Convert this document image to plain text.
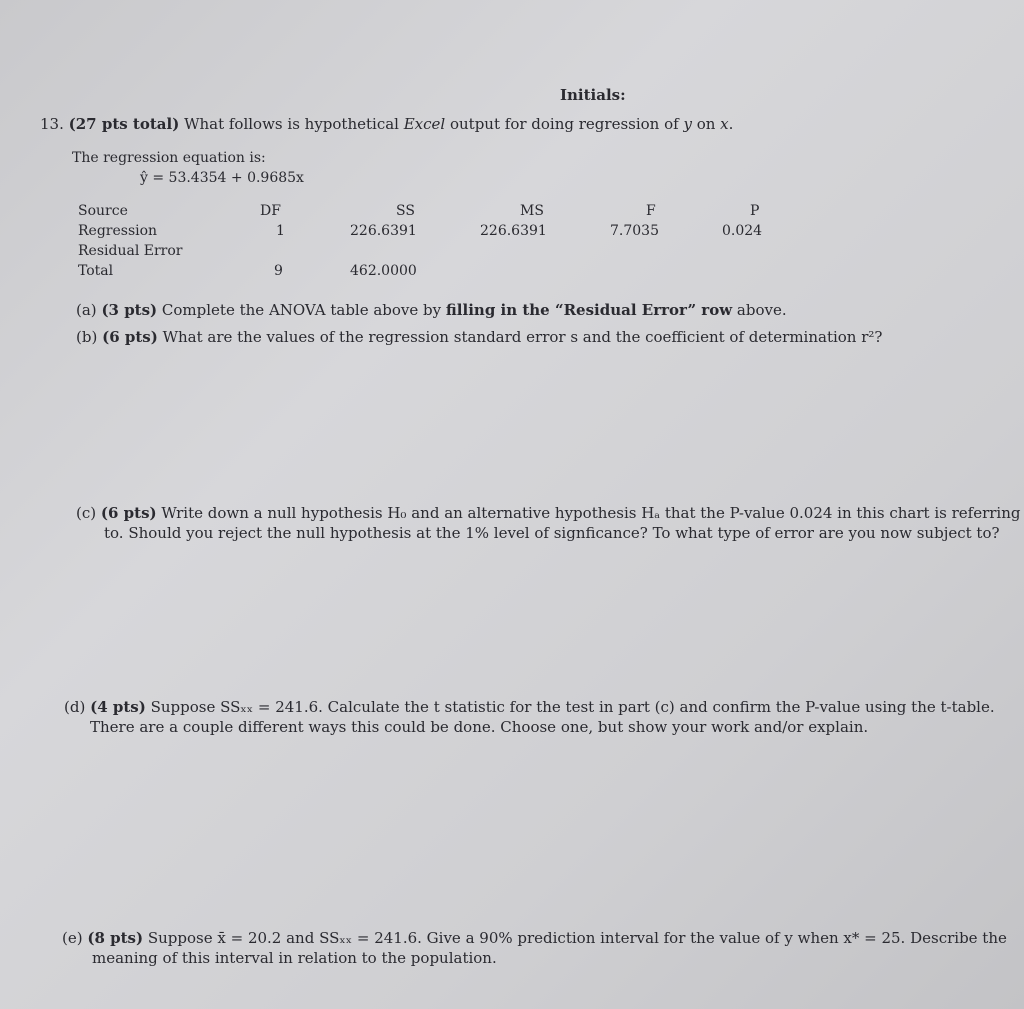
Initials:
13. (27 pts total) What follows is hypothetical Excel output for doing regression of y on x.
The regression equation is:
ŷ = 53.4354 + 0.9685x
Source	DF	SS	MS	F	P
Regression	1	226.6391	226.6391	7.7035	0.024
Residual Error
Total	9	462.0000
(a) (3 pts) Complete the ANOVA table above by filling in the “Residual Error” row above.
(b) (6 pts) What are the values of the regression standard error s and the coefficient of determination r²?
(c) (6 pts) Write down a null hypothesis H₀ and an alternative hypothesis Hₐ that the P-value 0.024 in this chart is referring to. Should you reject the null hypothesis at the 1% level of signficance? To what type of error are you now subject to?
(d) (4 pts) Suppose SSₓₓ = 241.6. Calculate the t statistic for the test in part (c) and confirm the P-value using the t-table. There are a couple different ways this could be done. Choose one, but show your work and/or explain.
(e) (8 pts) Suppose x̄ = 20.2 and SSₓₓ = 241.6. Give a 90% prediction interval for the value of y when x* = 25. Describe the meaning of this interval in relation to the population.
